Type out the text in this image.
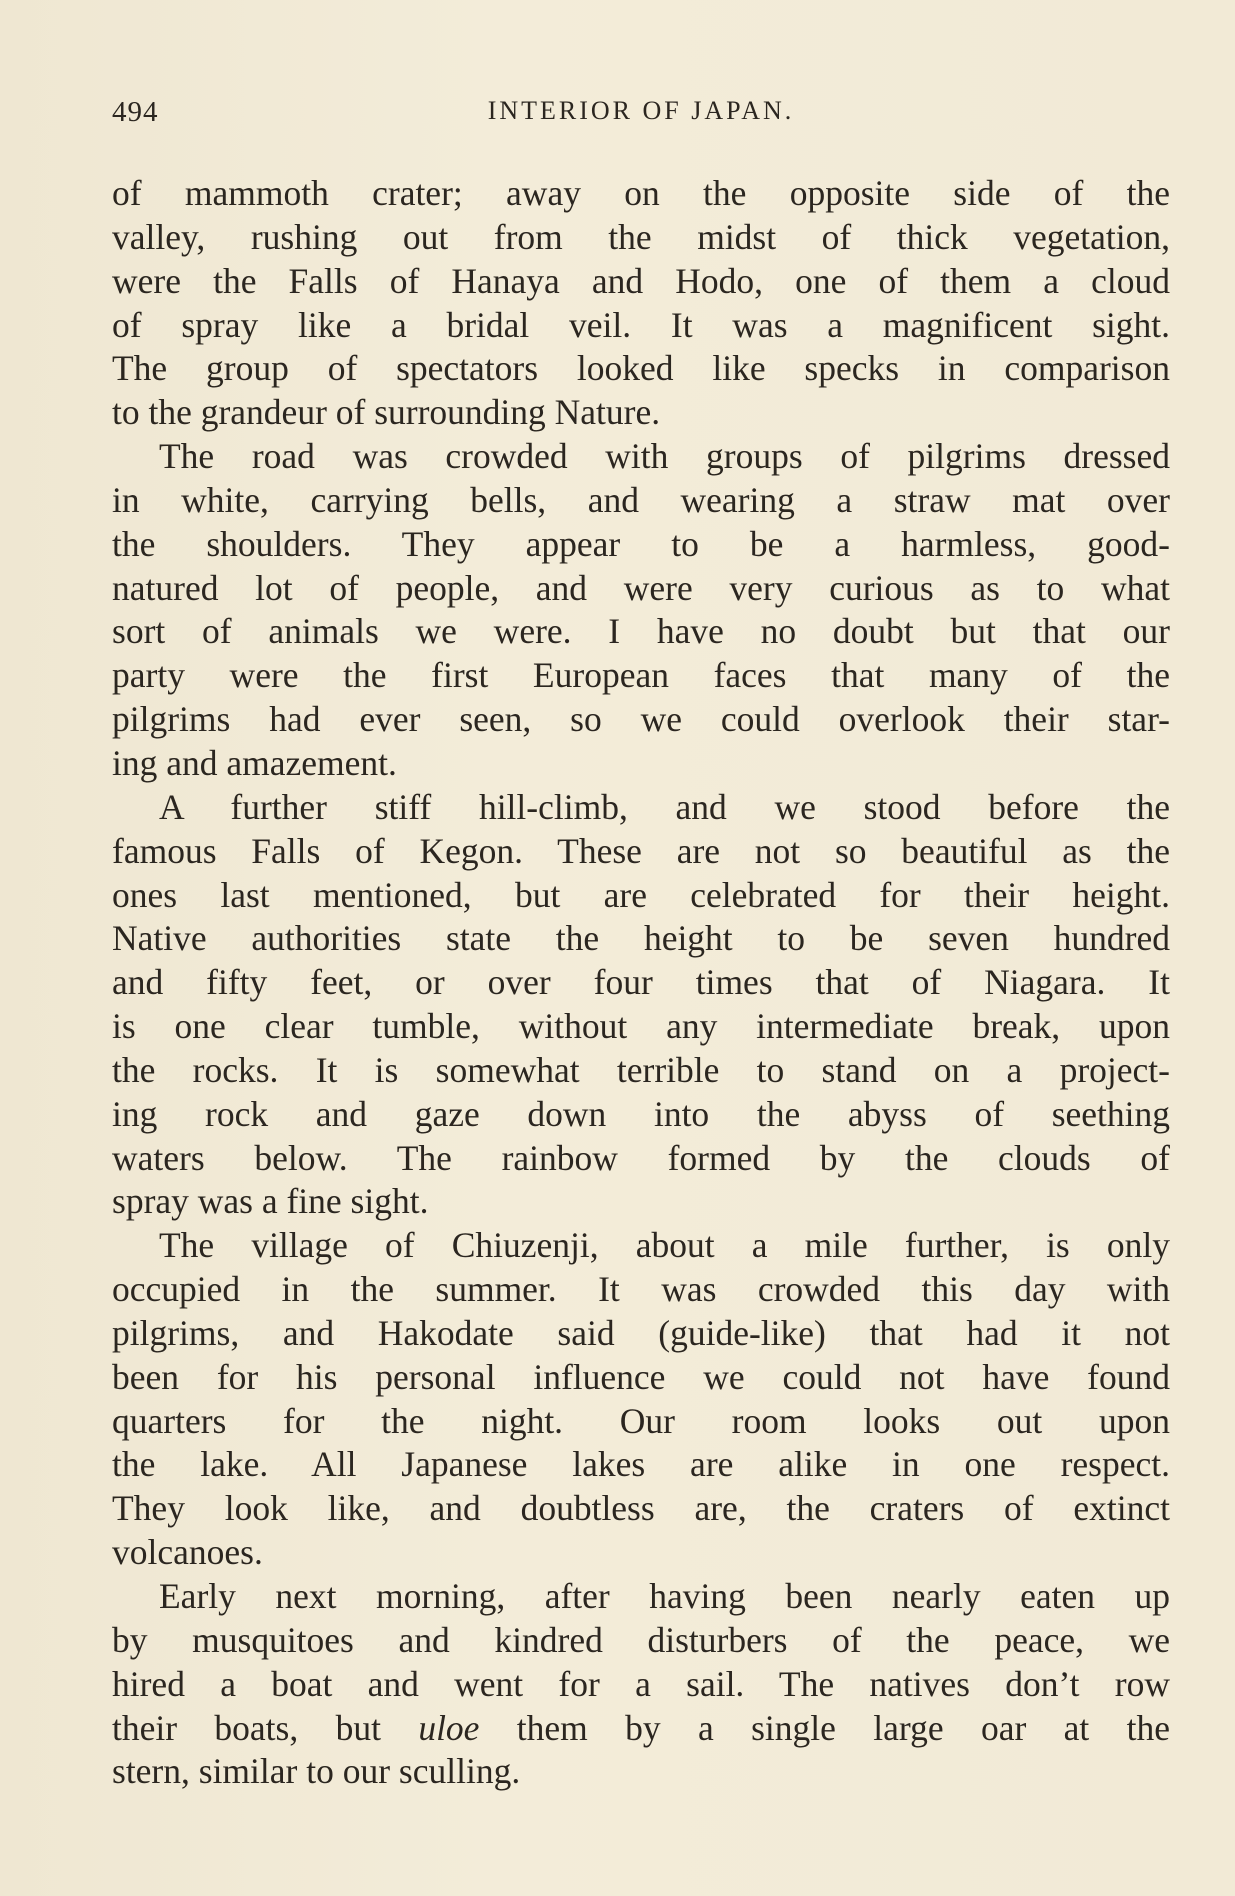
494	INTERIOR OF JAPAN.
of mammoth crater; away on the opposite side of the
valley, rushing out from the midst of thick vegetation,
were the Falls of Hanaya and Hodo, one of them a cloud
of spray like a bridal veil. It was a magnificent sight.
The group of spectators looked like specks in comparison
to the grandeur of surrounding Nature.
The road was crowded with groups of pilgrims dressed
in white, carrying bells, and wearing a straw mat over
the shoulders. They appear to be a harmless, good-
natured lot of people, and were very curious as to what
sort of animals we were. I have no doubt but that our
party were the first European faces that many of the
pilgrims had ever seen, so we could overlook their star-
ing and amazement.
A further stiff hill-climb, and we stood before the
famous Falls of Kegon. These are not so beautiful as the
ones last mentioned, but are celebrated for their height.
Native authorities state the height to be seven hundred
and fifty feet, or over four times that of Niagara. It
is one clear tumble, without any intermediate break, upon
the rocks. It is somewhat terrible to stand on a project-
ing rock and gaze down into the abyss of seething
waters below. The rainbow formed by the clouds of
spray was a fine sight.
The village of Chiuzenji, about a mile further, is only
occupied in the summer. It was crowded this day with
pilgrims, and Hakodate said (guide-like) that had it not
been for his personal influence we could not have found
quarters for the night. Our room looks out upon
the lake. All Japanese lakes are alike in one respect.
They look like, and doubtless are, the craters of extinct
volcanoes.
Early next morning, after having been nearly eaten up
by musquitoes and kindred disturbers of the peace, we
hired a boat and went for a sail. The natives don’t row
their boats, but uloe them by a single large oar at the
stern, similar to our sculling.
